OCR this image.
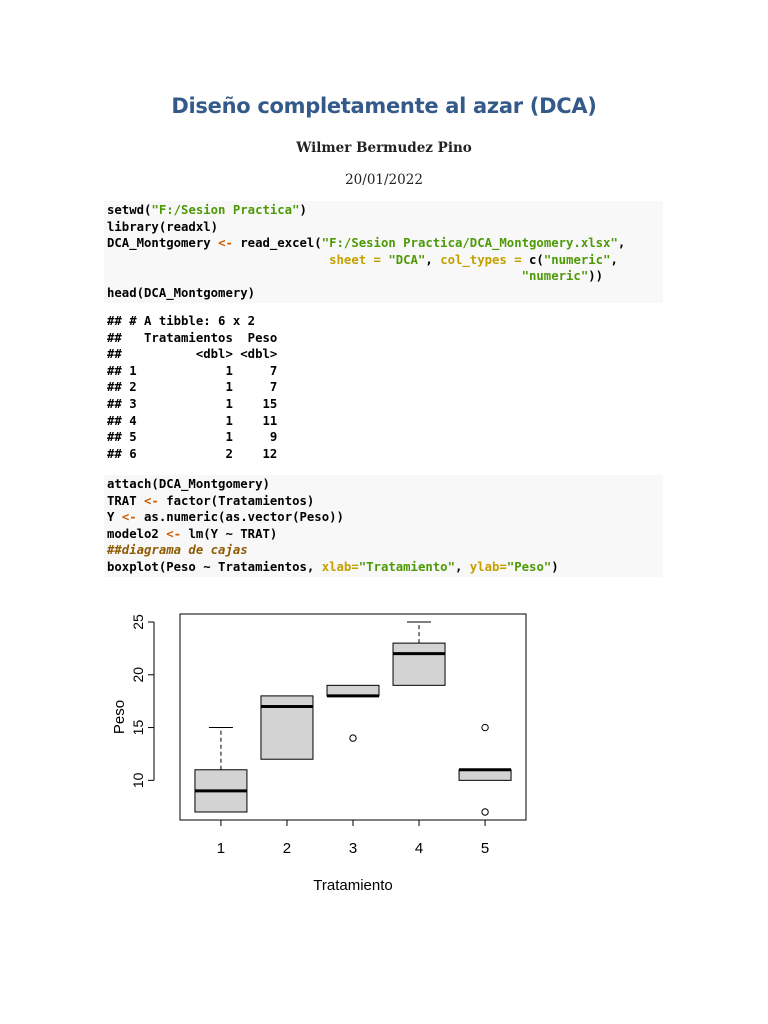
Diseño completamente al azar (DCA)
Wilmer Bermudez Pino
20/01/2022
setwd("F:/Sesion Practica")
library(readxl)
DCA_Montgomery <- read_excel("F:/Sesion Practica/DCA_Montgomery.xlsx",
sheet = "DCA", col_types = c("numeric",
"numeric"))
head(DCA_Montgomery)
## # A tibble: 6 x 2
##   Tratamientos  Peso
##          <dbl> <dbl>
## 1            1     7
## 2            1     7
## 3            1    15
## 4            1    11
## 5            1     9
## 6            2    12
attach(DCA_Montgomery)
TRAT <- factor(Tratamientos)
Y <- as.numeric(as.vector(Peso))
modelo2 <- lm(Y ~ TRAT)
##diagrama de cajas
boxplot(Peso ~ Tratamientos, xlab="Tratamiento", ylab="Peso")
Tratamiento
Peso
10
15
20
25
1	2	3	4	5
